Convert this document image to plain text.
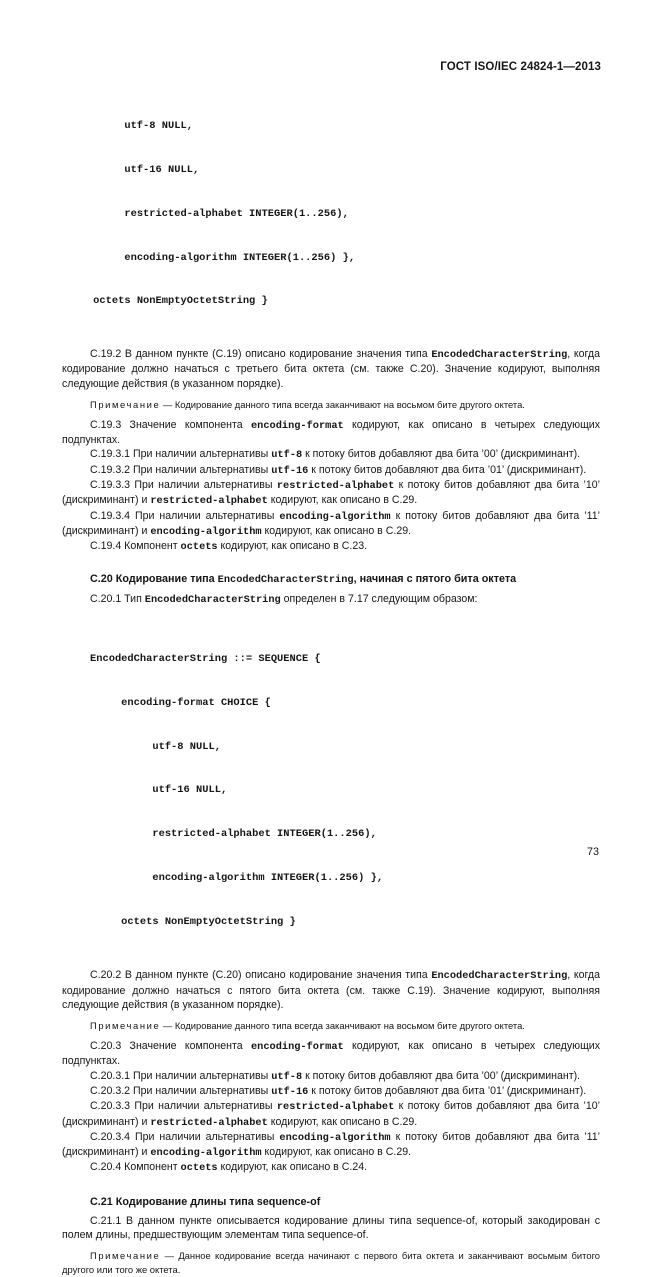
ГОСТ ISO/IEC 24824-1—2013

utf-8 NULL,

utf-16 NULL,

restricted-alphabet INTEGER(1..256),

encoding-algorithm INTEGER(1..256) },

octets NonEmptyOctetString }

C.19.2 В данном пункте (С.19) описано кодирование значения типа EncodedCharacterString, когда кодирование должно начаться с третьего бита октета (см. также С.20). Значение кодируют, выполняя следующие действия (в указанном порядке).
Примечание — Кодирование данного типа всегда заканчивают на восьмом бите другого октета.
С.19.3 Значение компонента encoding-format кодируют, как описано в четырех следующих подпунктах.
С.19.3.1 При наличии альтернативы utf-8 к потоку битов добавляют два бита ’00’ (дискриминант).
С.19.3.2 При наличии альтернативы utf-16 к потоку битов добавляют два бита ’01’ (дискриминант).
С.19.3.3 При наличии альтернативы restricted-alphabet к потоку битов добавляют два бита ’10’ (дискриминант) и restricted-alphabet кодируют, как описано в С.29.
С.19.3.4 При наличии альтернативы encoding-algorithm к потоку битов добавляют два бита ’11’ (дискриминант) и encoding-algorithm кодируют, как описано в С.29.
С.19.4 Компонент octets кодируют, как описано в С.23.
С.20 Кодирование типа EncodedCharacterString, начиная с пятого бита октета
С.20.1 Тип EncodedCharacterString определен в 7.17 следующим образом:

EncodedCharacterString ::= SEQUENCE {

encoding-format CHOICE {

utf-8 NULL,

utf-16 NULL,

restricted-alphabet INTEGER(1..256),

encoding-algorithm INTEGER(1..256) },

octets NonEmptyOctetString }

С.20.2 В данном пункте (С.20) описано кодирование значения типа EncodedCharacterString, когда кодирование должно начаться с пятого бита октета (см. также С.19). Значение кодируют, выполняя следующие действия (в указанном порядке).
Примечание — Кодирование данного типа всегда заканчивают на восьмом бите другого октета.
С.20.3 Значение компонента encoding-format кодируют, как описано в четырех следующих подпунктах.
С.20.3.1 При наличии альтернативы utf-8 к потоку битов добавляют два бита ’00’ (дискриминант).
С.20.3.2 При наличии альтернативы utf-16 к потоку битов добавляют два бита ’01’ (дискриминант).
С.20.3.3 При наличии альтернативы restricted-alphabet к потоку битов добавляют два бита ’10’ (дискриминант) и restricted-alphabet кодируют, как описано в С.29.
С.20.3.4 При наличии альтернативы encoding-algorithm к потоку битов добавляют два бита ’11’ (дискриминант) и encoding-algorithm кодируют, как описано в С.29.
С.20.4 Компонент octets кодируют, как описано в С.24.
С.21 Кодирование длины типа sequence-of
С.21.1 В данном пункте описывается кодирование длины типа sequence-of, который закодирован с полем длины, предшествующим элементам типа sequence-of.
Примечание — Данное кодирование всегда начинают с первого бита октета и заканчивают восьмым битого другого или того же октета.
73
